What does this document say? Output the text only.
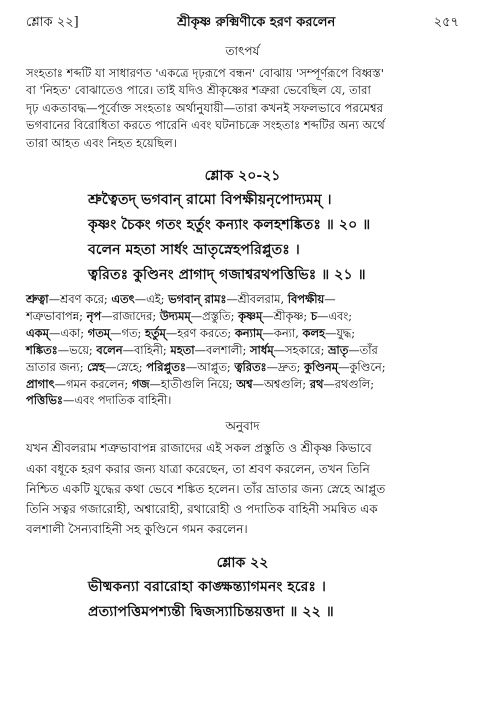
শ্লোক ২২]	শ্রীকৃষ্ণ রুক্মিণীকে হরণ করলেন	২৫৭

তাৎপর্য

সংহতাঃ শব্দটি যা সাধারণত 'একত্রে দৃঢ়রূপে বন্ধন' বোঝায় 'সম্পূর্ণরূপে বিধ্বস্ত'

বা 'নিহত' বোঝাতেও পারে। তাই যদিও শ্রীকৃষ্ণের শত্রুরা ভেবেছিল যে, তারা

দৃঢ় একতাবদ্ধ—পূর্বোক্ত সংহতাঃ অর্থানুযায়ী—তারা কখনই সফলভাবে পরমেশ্বর

ভগবানের বিরোধিতা করতে পারেনি এবং ঘটনাচক্রে সংহতাঃ শব্দটির অন্য অর্থে

তারা আহত এবং নিহত হয়েছিল।

শ্লোক ২০-২১

শ্রুত্বৈতদ্ ভগবান্ রামো বিপক্ষীয়নৃপোদ্যমম্ ।

কৃষ্ণং চৈকং গতং হর্তুং কন্যাং কলহশঙ্কিতঃ ॥ ২০ ॥

বলেন মহতা সার্ধং ভ্রাতৃস্নেহপরিপ্লুতঃ ।

ত্বরিতঃ কুণ্ডিনং প্রাগাদ্ গজাশ্বরথপত্তিভিঃ ॥ ২১ ॥

শ্রুত্বা—শ্রবণ করে; এতৎ—এই; ভগবান্ রামঃ—শ্রীবলরাম, বিপক্ষীয়—

শত্রুভাবাপন্ন; নৃপ—রাজাদের; উদ্যমম্—প্রস্তুতি; কৃষ্ণম্—শ্রীকৃষ্ণ; চ—এবং;

একম্—একা; গতম্—গত; হর্তুম্—হরণ করতে; কন্যাম্—কন্যা, কলহ—যুদ্ধ;

শঙ্কিতঃ—ভয়ে; বলেন—বাহিনী; মহতা—বলশালী; সার্ধম্—সহকারে; ভ্রাতৃ—তাঁর

ভ্রাতার জন্য; স্নেহ—স্নেহে; পরিপ্লুতঃ—আপ্লুত; ত্বরিতঃ—দ্রুত; কুণ্ডিনম্—কুণ্ডিনে;

প্রাগাৎ—গমন করলেন; গজ—হাতীগুলি নিয়ে; অশ্ব—অশ্বগুলি; রথ—রথগুলি;

পত্তিভিঃ—এবং পদাতিক বাহিনী।

অনুবাদ

যখন শ্রীবলরাম শত্রুভাবাপন্ন রাজাদের এই সকল প্রস্তুতি ও শ্রীকৃষ্ণ কিভাবে

একা বধূকে হরণ করার জন্য যাত্রা করেছেন, তা শ্রবণ করলেন, তখন তিনি

নিশ্চিত একটি যুদ্ধের কথা ভেবে শঙ্কিত হলেন। তাঁর ভ্রাতার জন্য স্নেহে আপ্লুত

তিনি সত্বর গজারোহী, অশ্বারোহী, রথারোহী ও পদাতিক বাহিনী সমন্বিত এক

বলশালী সৈন্যবাহিনী সহ কুণ্ডিনে গমন করলেন।

শ্লোক ২২

ভীষ্মকন্যা বরারোহা কাঙ্ক্ষন্ত্যাগমনং হরেঃ ।

প্রত্যাপত্তিমপশ্যন্তী দ্বিজস্যাচিন্তয়ত্তদা ॥ ২২ ॥
